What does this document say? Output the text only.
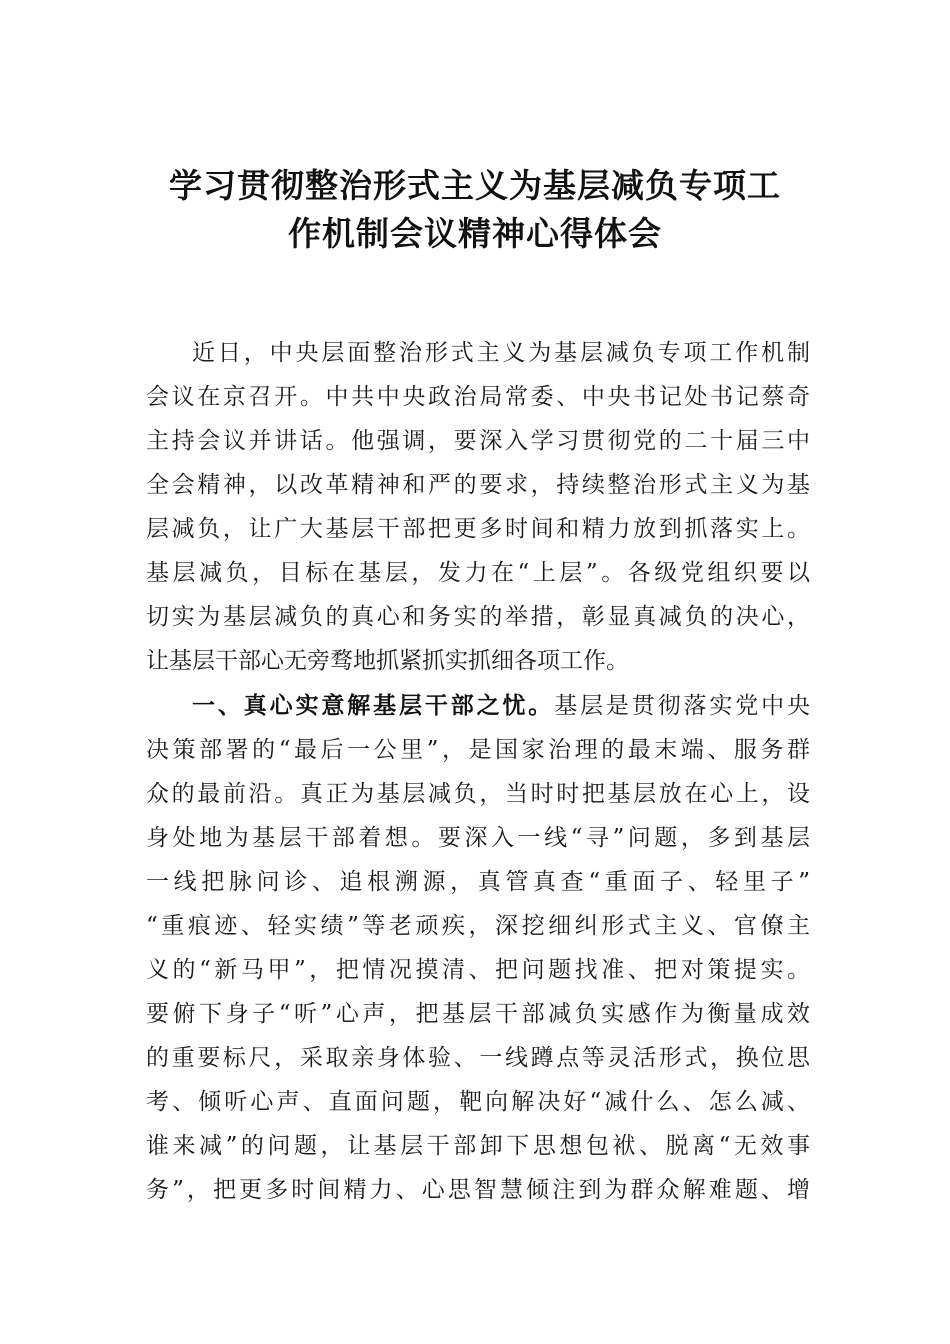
学习贯彻整治形式主义为基层减负专项工
作机制会议精神心得体会
近日，中央层面整治形式主义为基层减负专项工作机制
会议在京召开。中共中央政治局常委、中央书记处书记蔡奇
主持会议并讲话。他强调，要深入学习贯彻党的二十届三中
全会精神，以改革精神和严的要求，持续整治形式主义为基
层减负，让广大基层干部把更多时间和精力放到抓落实上。
基层减负，目标在基层，发力在“上层”。各级党组织要以
切实为基层减负的真心和务实的举措，彰显真减负的决心，
让基层干部心无旁骛地抓紧抓实抓细各项工作。
一、真心实意解基层干部之忧。基层是贯彻落实党中央
决策部署的“最后一公里”，是国家治理的最末端、服务群
众的最前沿。真正为基层减负，当时时把基层放在心上，设
身处地为基层干部着想。要深入一线“寻”问题，多到基层
一线把脉问诊、追根溯源，真管真查“重面子、轻里子”
“重痕迹、轻实绩”等老顽疾，深挖细纠形式主义、官僚主
义的“新马甲”，把情况摸清、把问题找准、把对策提实。
要俯下身子“听”心声，把基层干部减负实感作为衡量成效
的重要标尺，采取亲身体验、一线蹲点等灵活形式，换位思
考、倾听心声、直面问题，靶向解决好“减什么、怎么减、
谁来减”的问题，让基层干部卸下思想包袱、脱离“无效事
务”，把更多时间精力、心思智慧倾注到为群众解难题、增
